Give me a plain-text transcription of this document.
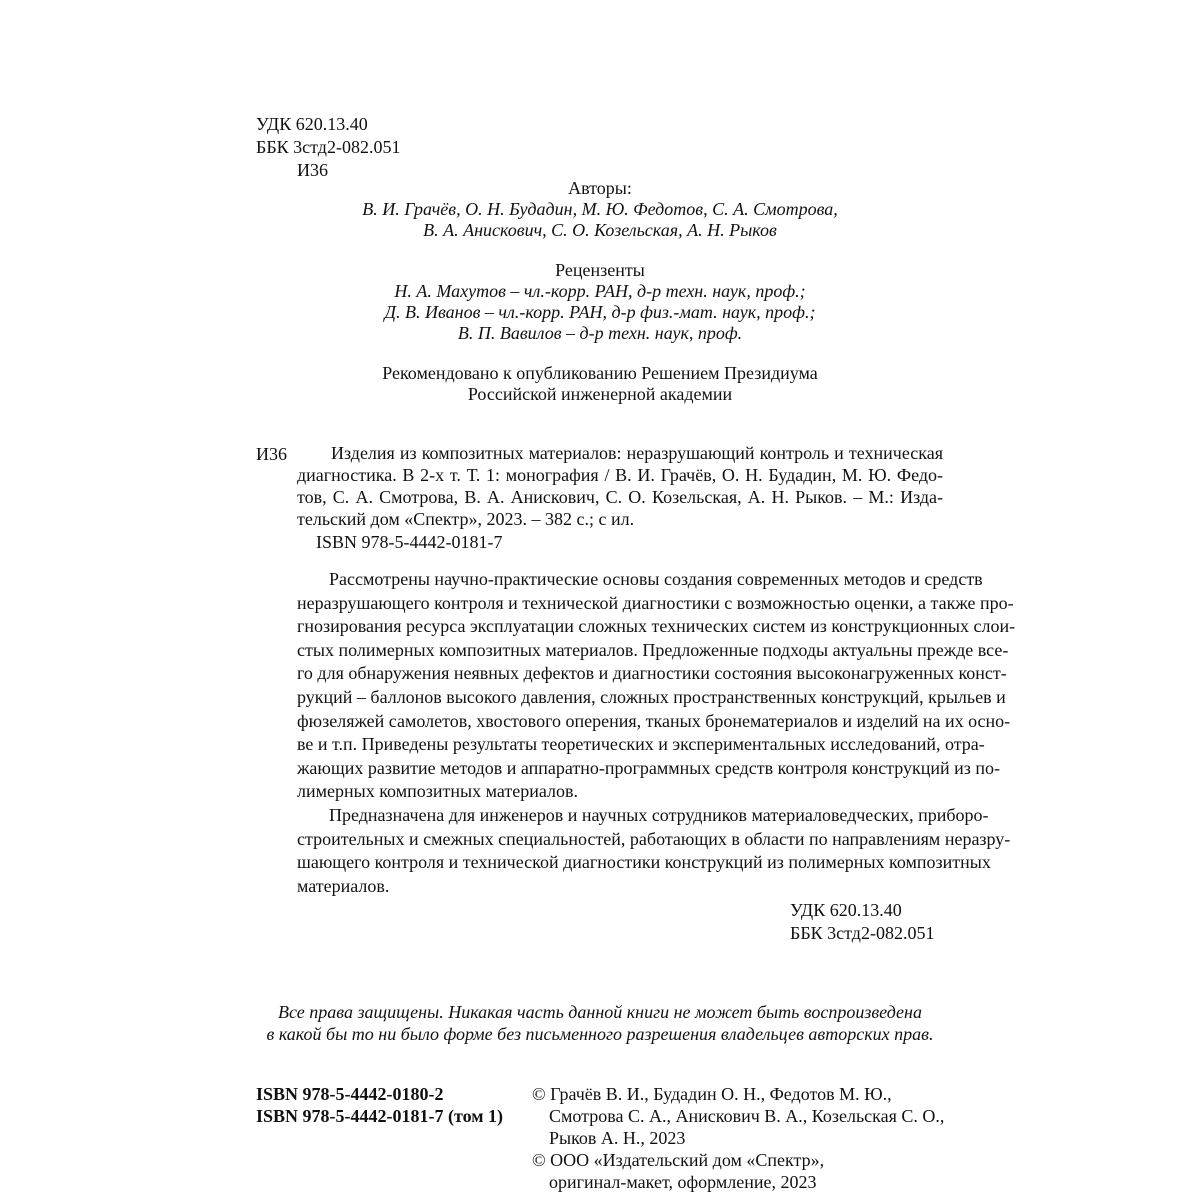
УДК 620.13.40
ББК 3стд2-082.051
И36
Авторы:
В. И. Грачёв, О. Н. Будадин, М. Ю. Федотов, С. А. Смотрова,
В. А. Анискович, С. О. Козельская, А. Н. Рыков
Рецензенты
Н. А. Махутов – чл.-корр. РАН, д-р техн. наук, проф.;
Д. В. Иванов – чл.-корр. РАН, д-р физ.-мат. наук, проф.;
В. П. Вавилов – д-р техн. наук, проф.
Рекомендовано к опубликованию Решением Президиума
Российской инженерной академии
И36 Изделия из композитных материалов: неразрушающий контроль и техническая
диагностика. В 2-х т. Т. 1: монография / В. И. Грачёв, О. Н. Будадин, М. Ю. Федо-
тов, С. А. Смотрова, В. А. Анискович, С. О. Козельская, А. Н. Рыков. – М.: Изда-
тельский дом «Спектр», 2023. – 382 с.; с ил.
ISBN 978-5-4442-0181-7
Рассмотрены научно-практические основы создания современных методов и средств
неразрушающего контроля и технической диагностики с возможностью оценки, а также про-
гнозирования ресурса эксплуатации сложных технических систем из конструкционных слои-
стых полимерных композитных материалов. Предложенные подходы актуальны прежде все-
го для обнаружения неявных дефектов и диагностики состояния высоконагруженных конст-
рукций – баллонов высокого давления, сложных пространственных конструкций, крыльев и
фюзеляжей самолетов, хвостового оперения, тканых бронематериалов и изделий на их осно-
ве и т.п. Приведены результаты теоретических и экспериментальных исследований, отра-
жающих развитие методов и аппаратно-программных средств контроля конструкций из по-
лимерных композитных материалов.
Предназначена для инженеров и научных сотрудников материаловедческих, приборо-
строительных и смежных специальностей, работающих в области по направлениям неразру-
шающего контроля и технической диагностики конструкций из полимерных композитных
материалов.
УДК 620.13.40
ББК 3стд2-082.051
Все права защищены. Никакая часть данной книги не может быть воспроизведена
в какой бы то ни было форме без письменного разрешения владельцев авторских прав.
ISBN 978-5-4442-0180-2
ISBN 978-5-4442-0181-7 (том 1)
© Грачёв В. И., Будадин О. Н., Федотов М. Ю.,
Смотрова С. А., Анискович В. А., Козельская С. О.,
Рыков А. Н., 2023
© ООО «Издательский дом «Спектр»,
оригинал-макет, оформление, 2023
